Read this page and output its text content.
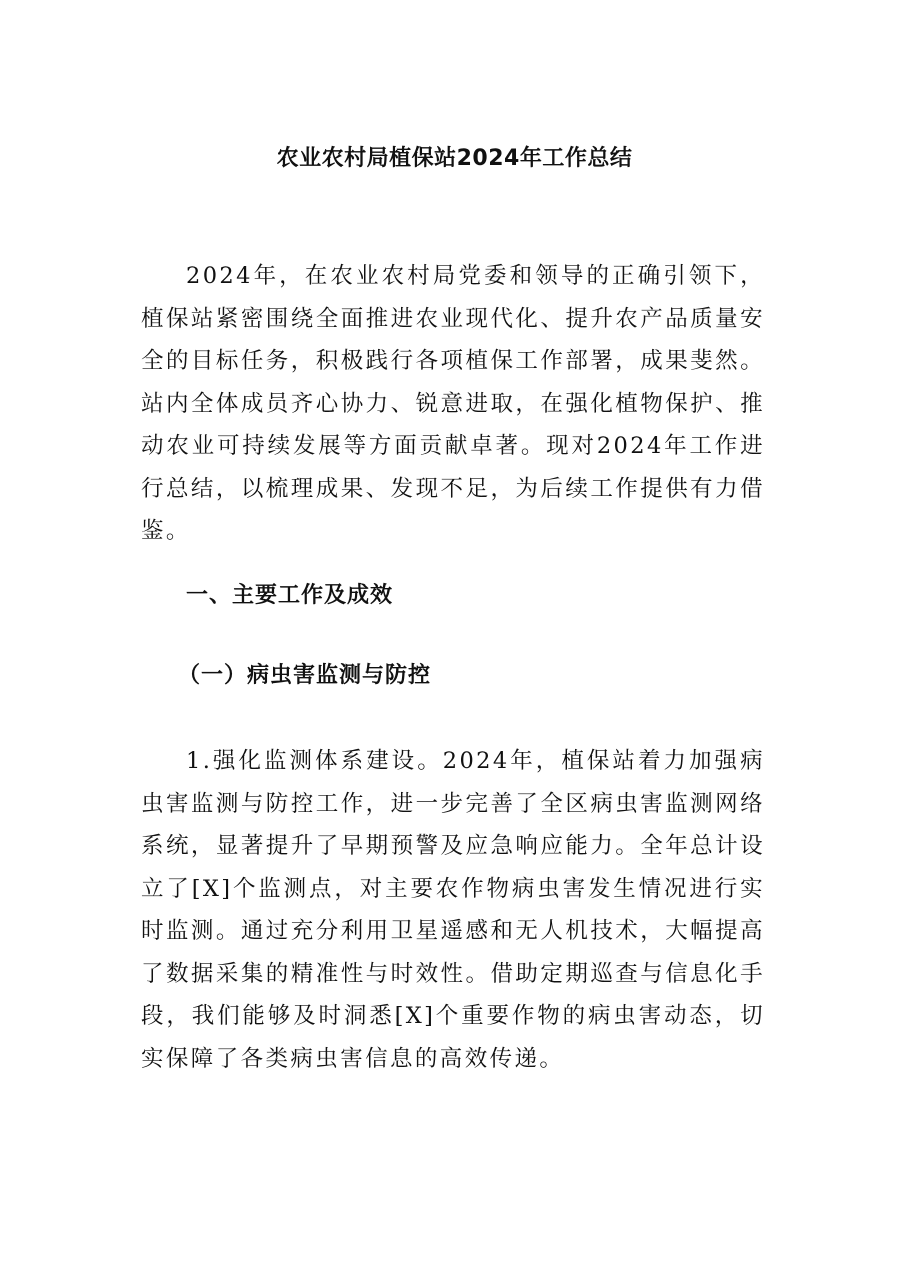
农业农村局植保站2024年工作总结

2024年，在农业农村局党委和领导的正确引领下，植保站紧密围绕全面推进农业现代化、提升农产品质量安全的目标任务，积极践行各项植保工作部署，成果斐然。站内全体成员齐心协力、锐意进取，在强化植物保护、推动农业可持续发展等方面贡献卓著。现对2024年工作进行总结，以梳理成果、发现不足，为后续工作提供有力借鉴。

一、主要工作及成效
（一）病虫害监测与防控

1.强化监测体系建设。2024年，植保站着力加强病虫害监测与防控工作，进一步完善了全区病虫害监测网络系统，显著提升了早期预警及应急响应能力。全年总计设立了[X]个监测点，对主要农作物病虫害发生情况进行实时监测。通过充分利用卫星遥感和无人机技术，大幅提高了数据采集的精准性与时效性。借助定期巡查与信息化手段，我们能够及时洞悉[X]个重要作物的病虫害动态，切实保障了各类病虫害信息的高效传递。
